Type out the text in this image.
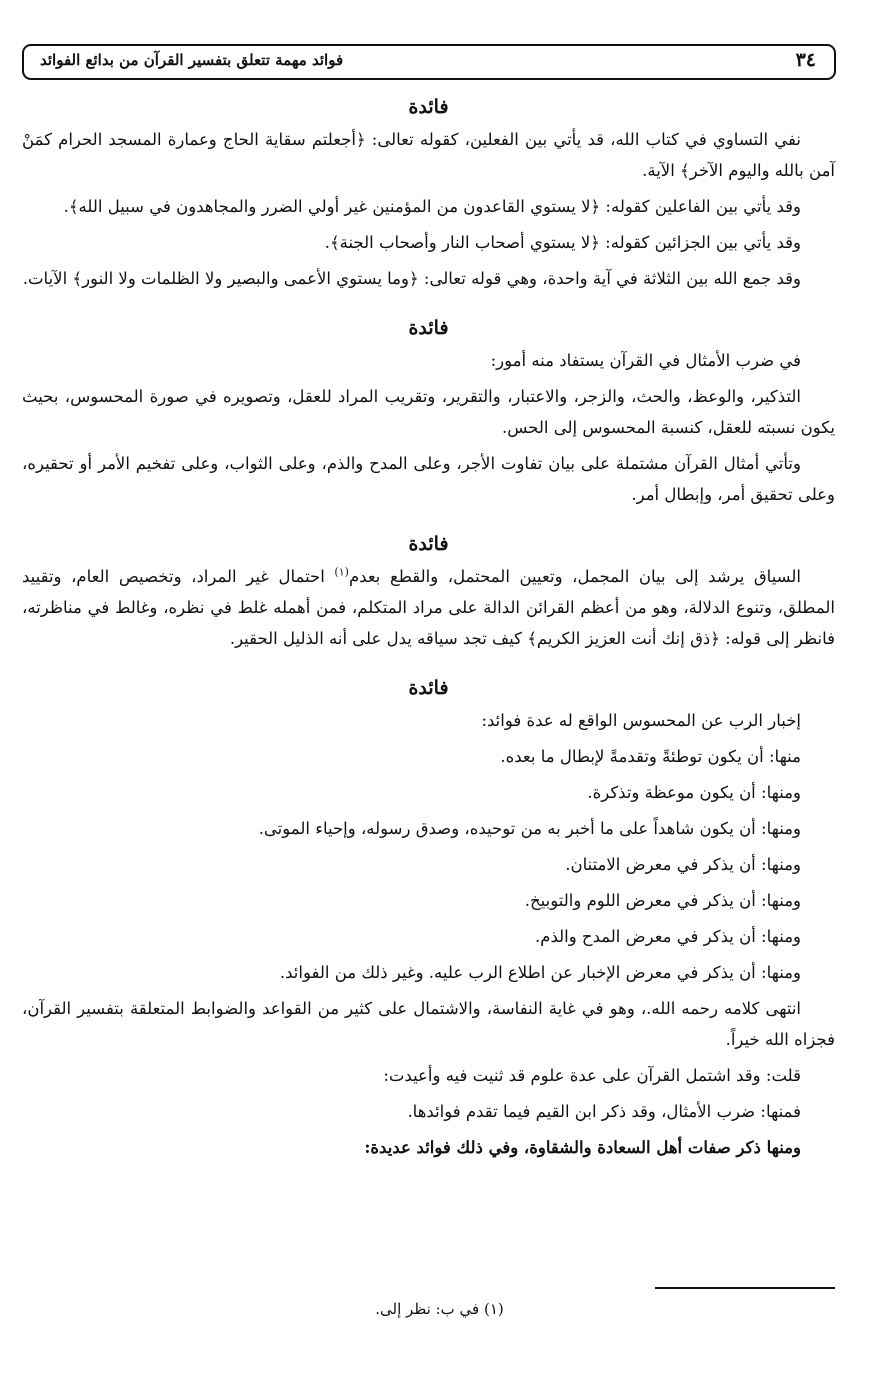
٣٤
فوائد مهمة تتعلق بتفسير القرآن من بدائع الفوائد
فائدة

نفي التساوي في كتاب الله، قد يأتي بين الفعلين، كقوله تعالى: ﴿أجعلتم سقاية الحاج وعمارة المسجد الحرام كمَنْ آمن بالله واليوم الآخر﴾ الآية.

وقد يأتي بين الفاعلين كقوله: ﴿لا يستوي القاعدون من المؤمنين غير أولي الضرر والمجاهدون في سبيل الله﴾.

وقد يأتي بين الجزائين كقوله: ﴿لا يستوي أصحاب النار وأصحاب الجنة﴾.

وقد جمع الله بين الثلاثة في آية واحدة، وهي قوله تعالى: ﴿وما يستوي الأعمى والبصير ولا الظلمات ولا النور﴾ الآيات.

فائدة

في ضرب الأمثال في القرآن يستفاد منه أمور:

التذكير، والوعظ، والحث، والزجر، والاعتبار، والتقرير، وتقريب المراد للعقل، وتصويره في صورة المحسوس، بحيث يكون نسبته للعقل، كنسبة المحسوس إلى الحس.

وتأتي أمثال القرآن مشتملة على بيان تفاوت الأجر، وعلى المدح والذم، وعلى الثواب، وعلى تفخيم الأمر أو تحقيره، وعلى تحقيق أمر، وإبطال أمر.

فائدة

السياق يرشد إلى بيان المجمل، وتعيين المحتمل، والقطع بعدم$^{(١)}$ احتمال غير المراد، وتخصيص العام، وتقييد المطلق، وتنوع الدلالة، وهو من أعظم القرائن الدالة على مراد المتكلم، فمن أهمله غلط في نظره، وغالط في مناظرته، فانظر إلى قوله: ﴿ذق إنك أنت العزيز الكريم﴾ كيف تجد سياقه يدل على أنه الذليل الحقير.

فائدة

إخبار الرب عن المحسوس الواقع له عدة فوائد:

منها: أن يكون توطئةً وتقدمةً لإبطال ما بعده.

ومنها: أن يكون موعظة وتذكرة.

ومنها: أن يكون شاهداً على ما أخبر به من توحيده، وصدق رسوله، وإحياء الموتى.

ومنها: أن يذكر في معرض الامتنان.

ومنها: أن يذكر في معرض اللوم والتوبيخ.

ومنها: أن يذكر في معرض المدح والذم.

ومنها: أن يذكر في معرض الإخبار عن اطلاع الرب عليه. وغير ذلك من الفوائد.

انتهى كلامه رحمه الله.، وهو في غاية النفاسة، والاشتمال على كثير من القواعد والضوابط المتعلقة بتفسير القرآن، فجزاه الله خيراً.

قلت: وقد اشتمل القرآن على عدة علوم قد ثنيت فيه وأعيدت:

فمنها: ضرب الأمثال، وقد ذكر ابن القيم فيما تقدم فوائدها.

ومنها ذكر صفات أهل السعادة والشقاوة، وفي ذلك فوائد عديدة:

(١) في ب: نظر إلى.
